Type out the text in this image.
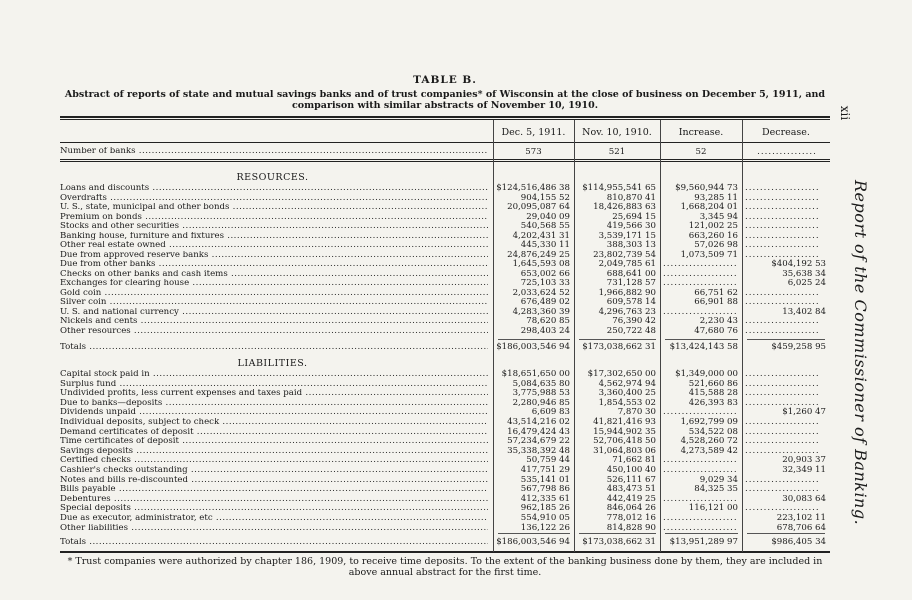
TABLE B.
Abstract of reports of state and mutual savings banks and of trust companies* of Wisconsin at the close of business on December 5, 1911, and comparison with similar abstracts of November 10, 1910.
xii
Report of the Commissioner of Banking.
Dec. 5, 1911.	Nov. 10, 1910.	Increase.	Decrease.
Number of banks .....	573	521	52	................
RESOURCES.
Loans and discounts .....	$124,516,486 38	$114,955,541 65	$9,560,944 73 ....................
Overdrafts .....	904,155 52	810,870 41	93,285 11 ....................
U. S., state, municipal and other bonds .....	20,095,087 64	18,426,883 63	1,668,204 01 ....................
Premium on bonds .....	29,040 09	25,694 15	3,345 94 ....................
Stocks and other securities .....	540,568 55	419,566 30	121,002 25 ....................
Banking house, furniture and fixtures .....	4,202,431 31	3,539,171 15	663,260 16 ....................
Other real estate owned .....	445,330 11	388,303 13	57,026 98 ....................
Due from approved reserve banks .....	24,876,249 25	23,802,739 54	1,073,509 71 ....................
Due from other banks .....	1,645,593 08	2,049,785 61 ....................	$404,192 53
Checks on other banks and cash items .....	653,002 66	688,641 00 ....................	35,638 34
Exchanges for clearing house .....	725,103 33	731,128 57 ....................	6,025 24
Gold coin .....	2,033,624 52	1,966,882 90	66,751 62 ....................
Silver coin .....	676,489 02	609,578 14	66,901 88 ....................
U. S. and national currency .....	4,283,360 39	4,296,763 23 ....................	13,402 84
Nickels and cents .....	78,620 85	76,390 42	2,230 43 ....................
Other resources .....	298,403 24	250,722 48	47,680 76 ....................
Totals .....	$186,003,546 94	$173,038,662 31	$13,424,143 58	$459,258 95
LIABILITIES.
Capital stock paid in .....	$18,651,650 00	$17,302,650 00	$1,349,000 00 ....................
Surplus fund .....	5,084,635 80	4,562,974 94	521,660 86 ....................
Undivided profits, less current expenses and taxes paid .....	3,775,988 53	3,360,400 25	415,588 28 ....................
Due to banks—deposits .....	2,280,946 85	1,854,553 02	426,393 83 ....................
Dividends unpaid .....	6,609 83	7,870 30 ....................	$1,260 47
Individual deposits, subject to check .....	43,514,216 02	41,821,416 93	1,692,799 09 ....................
Demand certificates of deposit .....	16,479,424 43	15,944,902 35	534,522 08 ....................
Time certificates of deposit .....	57,234,679 22	52,706,418 50	4,528,260 72 ....................
Savings deposits .....	35,338,392 48	31,064,803 06	4,273,589 42 ....................
Certified checks .....	50,759 44	71,662 81 ....................	20,903 37
Cashier's checks outstanding .....	417,751 29	450,100 40 ....................	32,349 11
Notes and bills re-discounted .....	535,141 01	526,111 67	9,029 34 ....................
Bills payable .....	567,798 86	483,473 51	84,325 35 ....................
Debentures .....	412,335 61	442,419 25 ....................	30,083 64
Special deposits .....	962,185 26	846,064 26	116,121 00 ....................
Due as executor, administrator, etc .....	554,910 05	778,012 16 ....................	223,102 11
Other liabilities .....	136,122 26	814,828 90 ....................	678,706 64
Totals .....	$186,003,546 94	$173,038,662 31	$13,951,289 97	$986,405 34
* Trust companies were authorized by chapter 186, 1909, to receive time deposits. To the extent of the banking business done by them, they are included in above annual abstract for the first time.
